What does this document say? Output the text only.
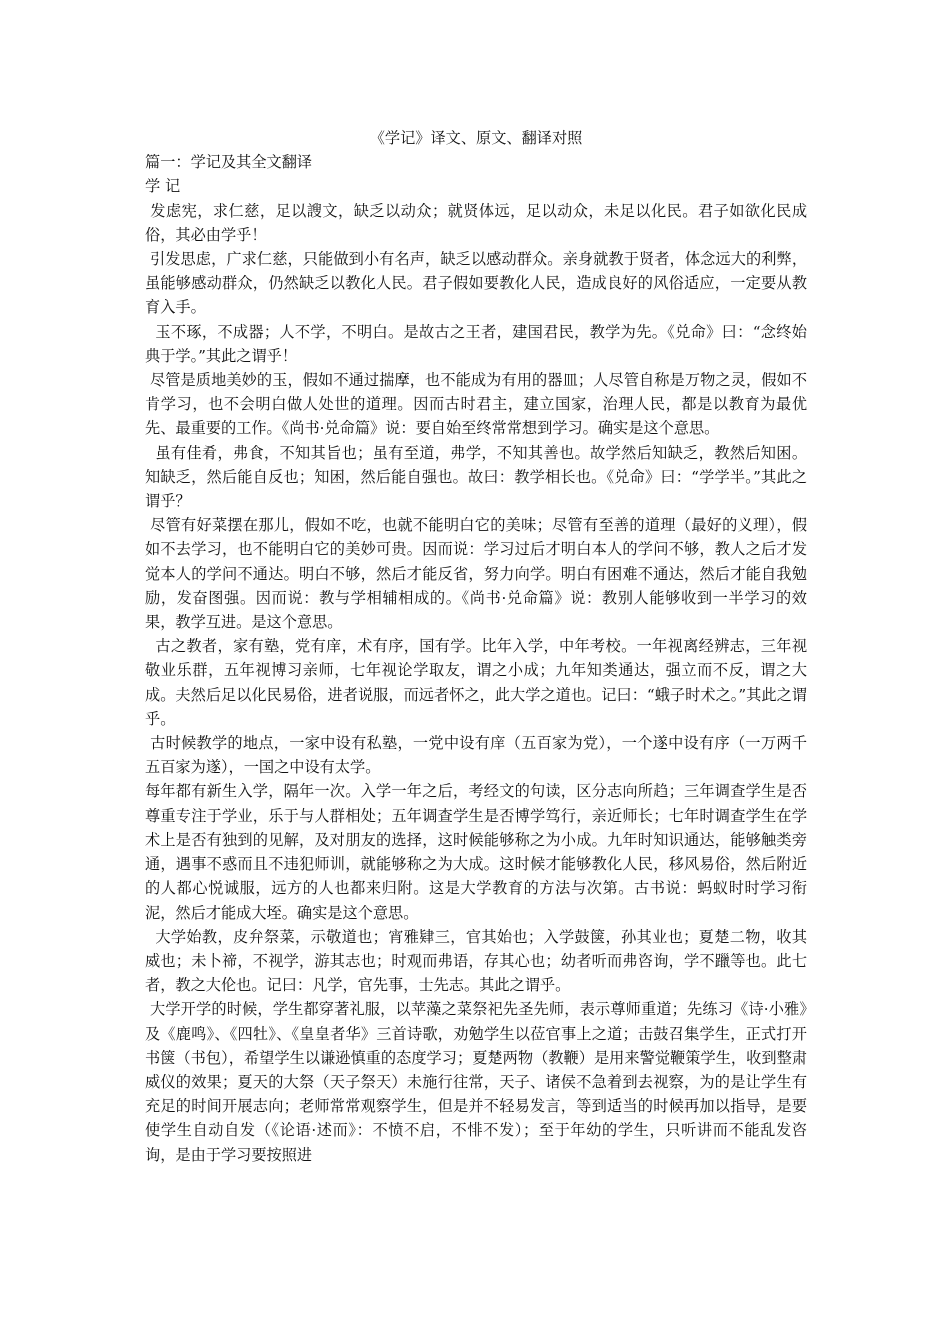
《学记》译文、原文、翻译对照

篇一：学记及其全文翻译

学 记

发虑宪，求仁慈，足以謏文，缺乏以动众；就贤体远，足以动众，未足以化民。君子如欲化民成俗，其必由学乎！

引发思虑，广求仁慈，只能做到小有名声，缺乏以感动群众。亲身就教于贤者，体念远大的利弊，虽能够感动群众，仍然缺乏以教化人民。君子假如要教化人民，造成良好的风俗适应，一定要从教育入手。

玉不琢，不成器；人不学，不明白。是故古之王者，建国君民，教学为先。《兑命》曰：“念终始典于学。”其此之谓乎！

尽管是质地美妙的玉，假如不通过揣摩，也不能成为有用的器皿；人尽管自称是万物之灵，假如不肯学习，也不会明白做人处世的道理。因而古时君主，建立国家，治理人民，都是以教育为最优先、最重要的工作。《尚书·兑命篇》说：要自始至终常常想到学习。确实是这个意思。

虽有佳肴，弗食，不知其旨也；虽有至道，弗学，不知其善也。故学然后知缺乏，教然后知困。知缺乏，然后能自反也；知困，然后能自强也。故曰：教学相长也。《兑命》曰：“学学半。”其此之谓乎？

尽管有好菜摆在那儿，假如不吃，也就不能明白它的美味；尽管有至善的道理（最好的义理），假如不去学习，也不能明白它的美妙可贵。因而说：学习过后才明白本人的学问不够，教人之后才发觉本人的学问不通达。明白不够，然后才能反省，努力向学。明白有困难不通达，然后才能自我勉励，发奋图强。因而说：教与学相辅相成的。《尚书·兑命篇》说：教别人能够收到一半学习的效果，教学互进。是这个意思。

古之教者，家有塾，党有庠，术有序，国有学。比年入学，中年考校。一年视离经辨志，三年视敬业乐群，五年视博习亲师，七年视论学取友，谓之小成；九年知类通达，强立而不反，谓之大成。夫然后足以化民易俗，进者说服，而远者怀之，此大学之道也。记曰：“蛾子时术之。”其此之谓乎。

古时候教学的地点，一家中设有私塾，一党中设有庠（五百家为党），一个遂中设有序（一万两千五百家为遂），一国之中设有太学。

每年都有新生入学，隔年一次。入学一年之后，考经文的句读，区分志向所趋；三年调查学生是否尊重专注于学业，乐于与人群相处；五年调查学生是否博学笃行，亲近师长；七年时调查学生在学术上是否有独到的见解，及对朋友的选择，这时候能够称之为小成。九年时知识通达，能够触类旁通，遇事不惑而且不违犯师训，就能够称之为大成。这时候才能够教化人民，移风易俗，然后附近的人都心悦诚服，远方的人也都来归附。这是大学教育的方法与次第。古书说：蚂蚁时时学习衔泥，然后才能成大垤。确实是这个意思。

大学始教，皮弁祭菜，示敬道也；宵雅肄三，官其始也；入学鼓箧，孙其业也；夏楚二物，收其威也；未卜禘，不视学，游其志也；时观而弗语，存其心也；幼者听而弗咨询，学不躐等也。此七者，教之大伦也。记曰：凡学，官先事，士先志。其此之谓乎。

大学开学的时候，学生都穿著礼服，以苹藻之菜祭祀先圣先师，表示尊师重道；先练习《诗·小雅》及《鹿鸣》、《四牡》、《皇皇者华》三首诗歌，劝勉学生以莅官事上之道；击鼓召集学生，正式打开书箧（书包），希望学生以谦逊慎重的态度学习；夏楚两物（教鞭）是用来警觉鞭策学生，收到整肃威仪的效果；夏天的大祭（天子祭天）未施行往常，天子、诸侯不急着到去视察，为的是让学生有充足的时间开展志向；老师常常观察学生，但是并不轻易发言，等到适当的时候再加以指导，是要使学生自动自发（《论语·述而》：不愤不启，不悱不发）；至于年幼的学生，只听讲而不能乱发咨询，是由于学习要按照进
